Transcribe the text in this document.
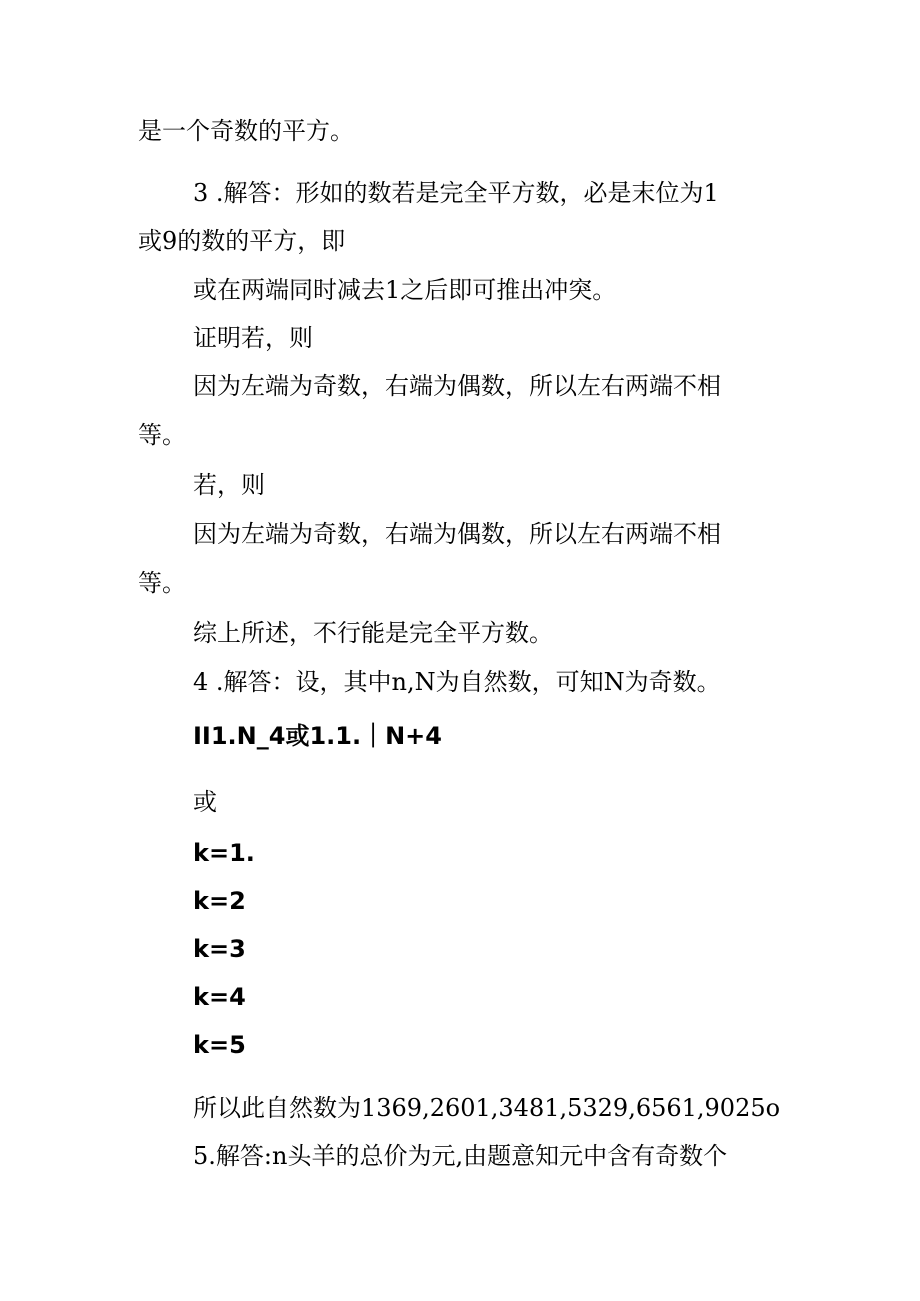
是一个奇数的平方。
3 .解答：形如的数若是完全平方数，必是末位为1
或9的数的平方，即
或在两端同时减去1之后即可推出冲突。
证明若，则
因为左端为奇数，右端为偶数，所以左右两端不相
等。
若，则
因为左端为奇数，右端为偶数，所以左右两端不相
等。
综上所述，不行能是完全平方数。
4 .解答：设，其中n,N为自然数，可知N为奇数。
II1.N_4或1.1.｜N+4
或
k=1.
k=2
k=3
k=4
k=5
所以此自然数为1369,2601,3481,5329,6561,9025o
5.解答:n头羊的总价为元,由题意知元中含有奇数个
